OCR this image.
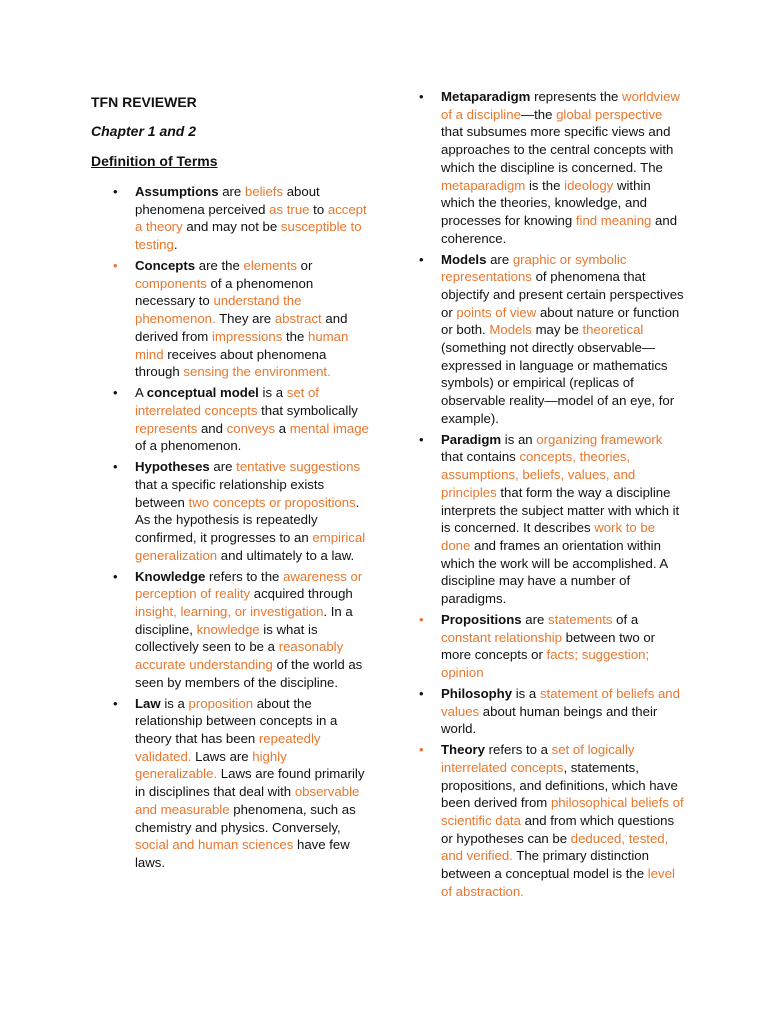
TFN REVIEWER
Chapter 1 and 2
Definition of Terms
• Assumptions are beliefs about phenomena perceived as true to accept a theory and may not be susceptible to testing.
• Concepts are the elements or components of a phenomenon necessary to understand the phenomenon. They are abstract and derived from impressions the human mind receives about phenomena through sensing the environment.
• A conceptual model is a set of interrelated concepts that symbolically represents and conveys a mental image of a phenomenon.
• Hypotheses are tentative suggestions that a specific relationship exists between two concepts or propositions. As the hypothesis is repeatedly confirmed, it progresses to an empirical generalization and ultimately to a law.
• Knowledge refers to the awareness or perception of reality acquired through insight, learning, or investigation. In a discipline, knowledge is what is collectively seen to be a reasonably accurate understanding of the world as seen by members of the discipline.
• Law is a proposition about the relationship between concepts in a theory that has been repeatedly validated. Laws are highly generalizable. Laws are found primarily in disciplines that deal with observable and measurable phenomena, such as chemistry and physics. Conversely, social and human sciences have few laws.
• Metaparadigm represents the worldview of a discipline—the global perspective that subsumes more specific views and approaches to the central concepts with which the discipline is concerned. The metaparadigm is the ideology within which the theories, knowledge, and processes for knowing find meaning and coherence.
• Models are graphic or symbolic representations of phenomena that objectify and present certain perspectives or points of view about nature or function or both. Models may be theoretical (something not directly observable—expressed in language or mathematics symbols) or empirical (replicas of observable reality—model of an eye, for example).
• Paradigm is an organizing framework that contains concepts, theories, assumptions, beliefs, values, and principles that form the way a discipline interprets the subject matter with which it is concerned. It describes work to be done and frames an orientation within which the work will be accomplished. A discipline may have a number of paradigms.
• Propositions are statements of a constant relationship between two or more concepts or facts; suggestion; opinion
• Philosophy is a statement of beliefs and values about human beings and their world.
• Theory refers to a set of logically interrelated concepts, statements, propositions, and definitions, which have been derived from philosophical beliefs of scientific data and from which questions or hypotheses can be deduced, tested, and verified. The primary distinction between a conceptual model is the level of abstraction.
